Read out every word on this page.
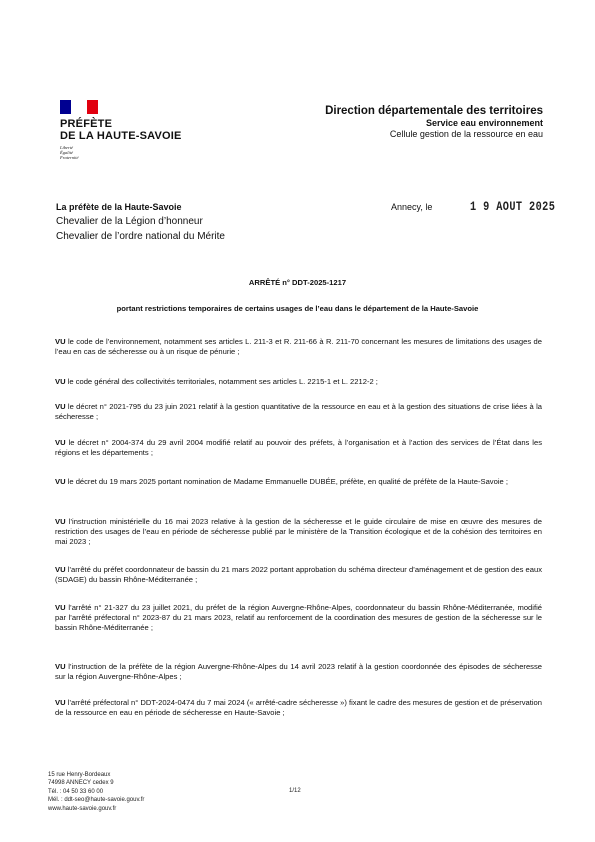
PRÉFÈTE
DE LA HAUTE-SAVOIE
Liberté
Égalité
Fraternité
Direction départementale des territoires
Service eau environnement
Cellule gestion de la ressource en eau
La préfète de la Haute-Savoie
Chevalier de la Légion d’honneur
Chevalier de l’ordre national du Mérite
Annecy, le	1 9 AOUT 2025
ARRÊTÉ n° DDT-2025-1217
portant restrictions temporaires de certains usages de l’eau dans le département de la Haute-Savoie

VU le code de l’environnement, notamment ses articles L. 211-3 et R. 211-66 à R. 211-70 concernant les mesures de limitations des usages de l’eau en cas de sécheresse ou à un risque de pénurie ;

VU le code général des collectivités territoriales, notamment ses articles L. 2215-1 et L. 2212-2 ;

VU le décret n° 2021-795 du 23 juin 2021 relatif à la gestion quantitative de la ressource en eau et à la gestion des situations de crise liées à la sécheresse ;

VU le décret n° 2004-374 du 29 avril 2004 modifié relatif au pouvoir des préfets, à l’organisation et à l’action des services de l’État dans les régions et les départements ;

VU le décret du 19 mars 2025 portant nomination de Madame Emmanuelle DUBÉE, préfète, en qualité de préfète de la Haute-Savoie ;

VU l’instruction ministérielle du 16 mai 2023 relative à la gestion de la sécheresse et le guide circulaire de mise en œuvre des mesures de restriction des usages de l’eau en période de sécheresse publié par le ministère de la Transition écologique et de la cohésion des territoires en mai 2023 ;

VU l’arrêté du préfet coordonnateur de bassin du 21 mars 2022 portant approbation du schéma directeur d’aménagement et de gestion des eaux (SDAGE) du bassin Rhône-Méditerranée ;

VU l’arrêté n° 21-327 du 23 juillet 2021, du préfet de la région Auvergne-Rhône-Alpes, coordonnateur du bassin Rhône-Méditerranée, modifié par l’arrêté préfectoral n° 2023-87 du 21 mars 2023, relatif au renforcement de la coordination des mesures de gestion de la sécheresse sur le bassin Rhône-Méditerranée ;

VU l’instruction de la préfète de la région Auvergne-Rhône-Alpes du 14 avril 2023 relatif à la gestion coordonnée des épisodes de sécheresse sur la région Auvergne-Rhône-Alpes ;

VU l’arrêté préfectoral n° DDT-2024-0474 du 7 mai 2024 (« arrêté-cadre sécheresse ») fixant le cadre des mesures de gestion et de préservation de la ressource en eau en période de sécheresse en Haute-Savoie ;

15 rue Henry-Bordeaux
74998 ANNECY cedex 9
Tél. : 04 50 33 60 00
Mél. : ddt-seo@haute-savoie.gouv.fr
www.haute-savoie.gouv.fr
1/12
